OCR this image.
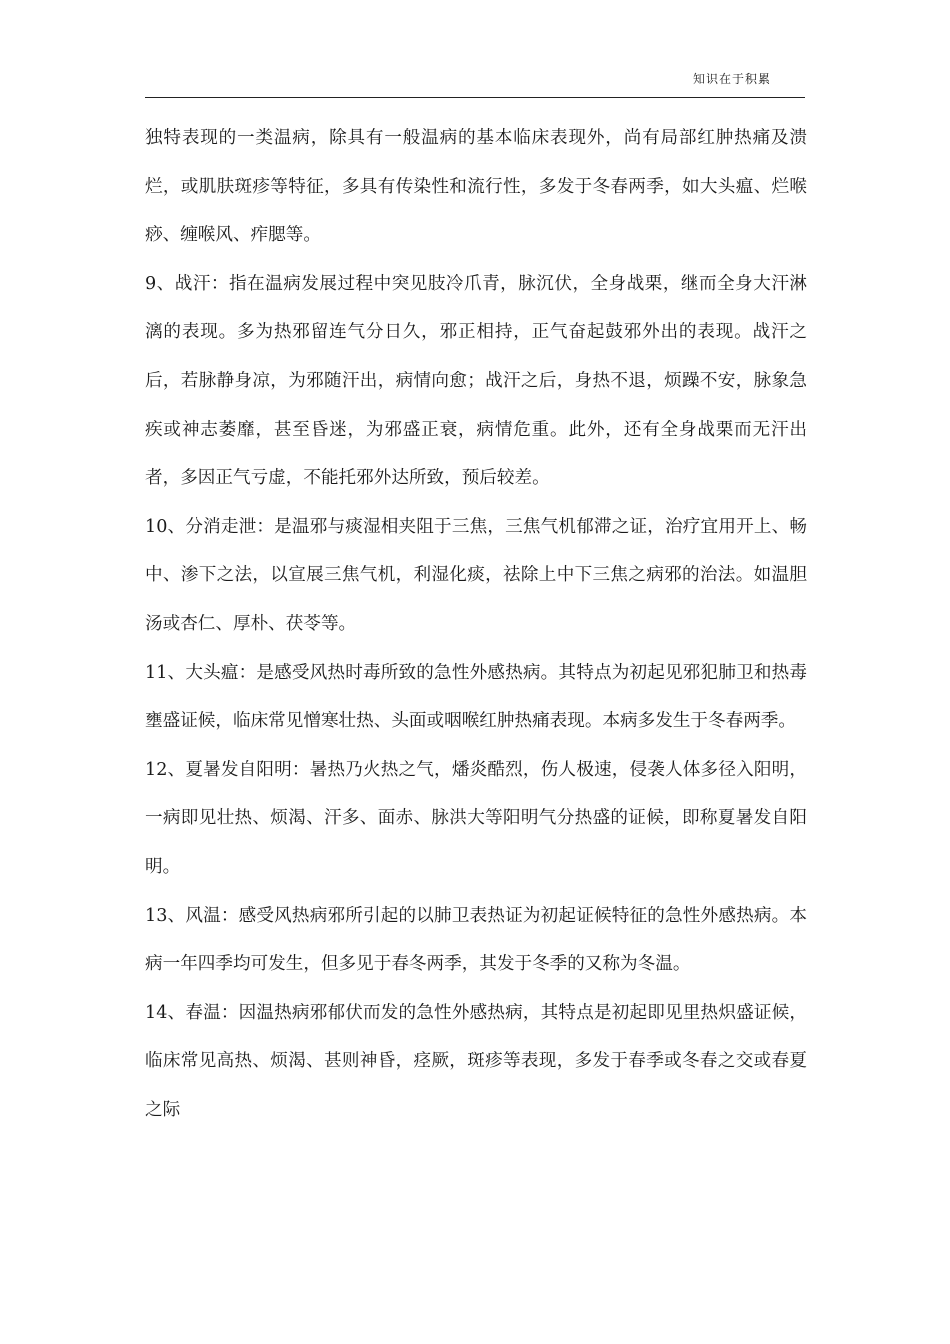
知识在于积累

独特表现的一类温病，除具有一般温病的基本临床表现外，尚有局部红肿热痛及溃烂，或肌肤斑疹等特征，多具有传染性和流行性，多发于冬春两季，如大头瘟、烂喉痧、缠喉风、痄腮等。

9、战汗：指在温病发展过程中突见肢冷爪青，脉沉伏，全身战栗，继而全身大汗淋漓的表现。多为热邪留连气分日久，邪正相持，正气奋起鼓邪外出的表现。战汗之后，若脉静身凉，为邪随汗出，病情向愈；战汗之后，身热不退，烦躁不安，脉象急疾或神志萎靡，甚至昏迷，为邪盛正衰，病情危重。此外，还有全身战栗而无汗出者，多因正气亏虚，不能托邪外达所致，预后较差。

10、分消走泄：是温邪与痰湿相夹阻于三焦，三焦气机郁滞之证，治疗宜用开上、畅中、渗下之法，以宣展三焦气机，利湿化痰，祛除上中下三焦之病邪的治法。如温胆汤或杏仁、厚朴、茯苓等。

11、大头瘟：是感受风热时毒所致的急性外感热病。其特点为初起见邪犯肺卫和热毒壅盛证候，临床常见憎寒壮热、头面或咽喉红肿热痛表现。本病多发生于冬春两季。

12、夏暑发自阳明：暑热乃火热之气，燔炎酷烈，伤人极速，侵袭人体多径入阳明，一病即见壮热、烦渴、汗多、面赤、脉洪大等阳明气分热盛的证候，即称夏暑发自阳明。

13、风温：感受风热病邪所引起的以肺卫表热证为初起证候特征的急性外感热病。本病一年四季均可发生，但多见于春冬两季，其发于冬季的又称为冬温。

14、春温：因温热病邪郁伏而发的急性外感热病，其特点是初起即见里热炽盛证候，临床常见高热、烦渴、甚则神昏，痉厥，斑疹等表现，多发于春季或冬春之交或春夏之际
